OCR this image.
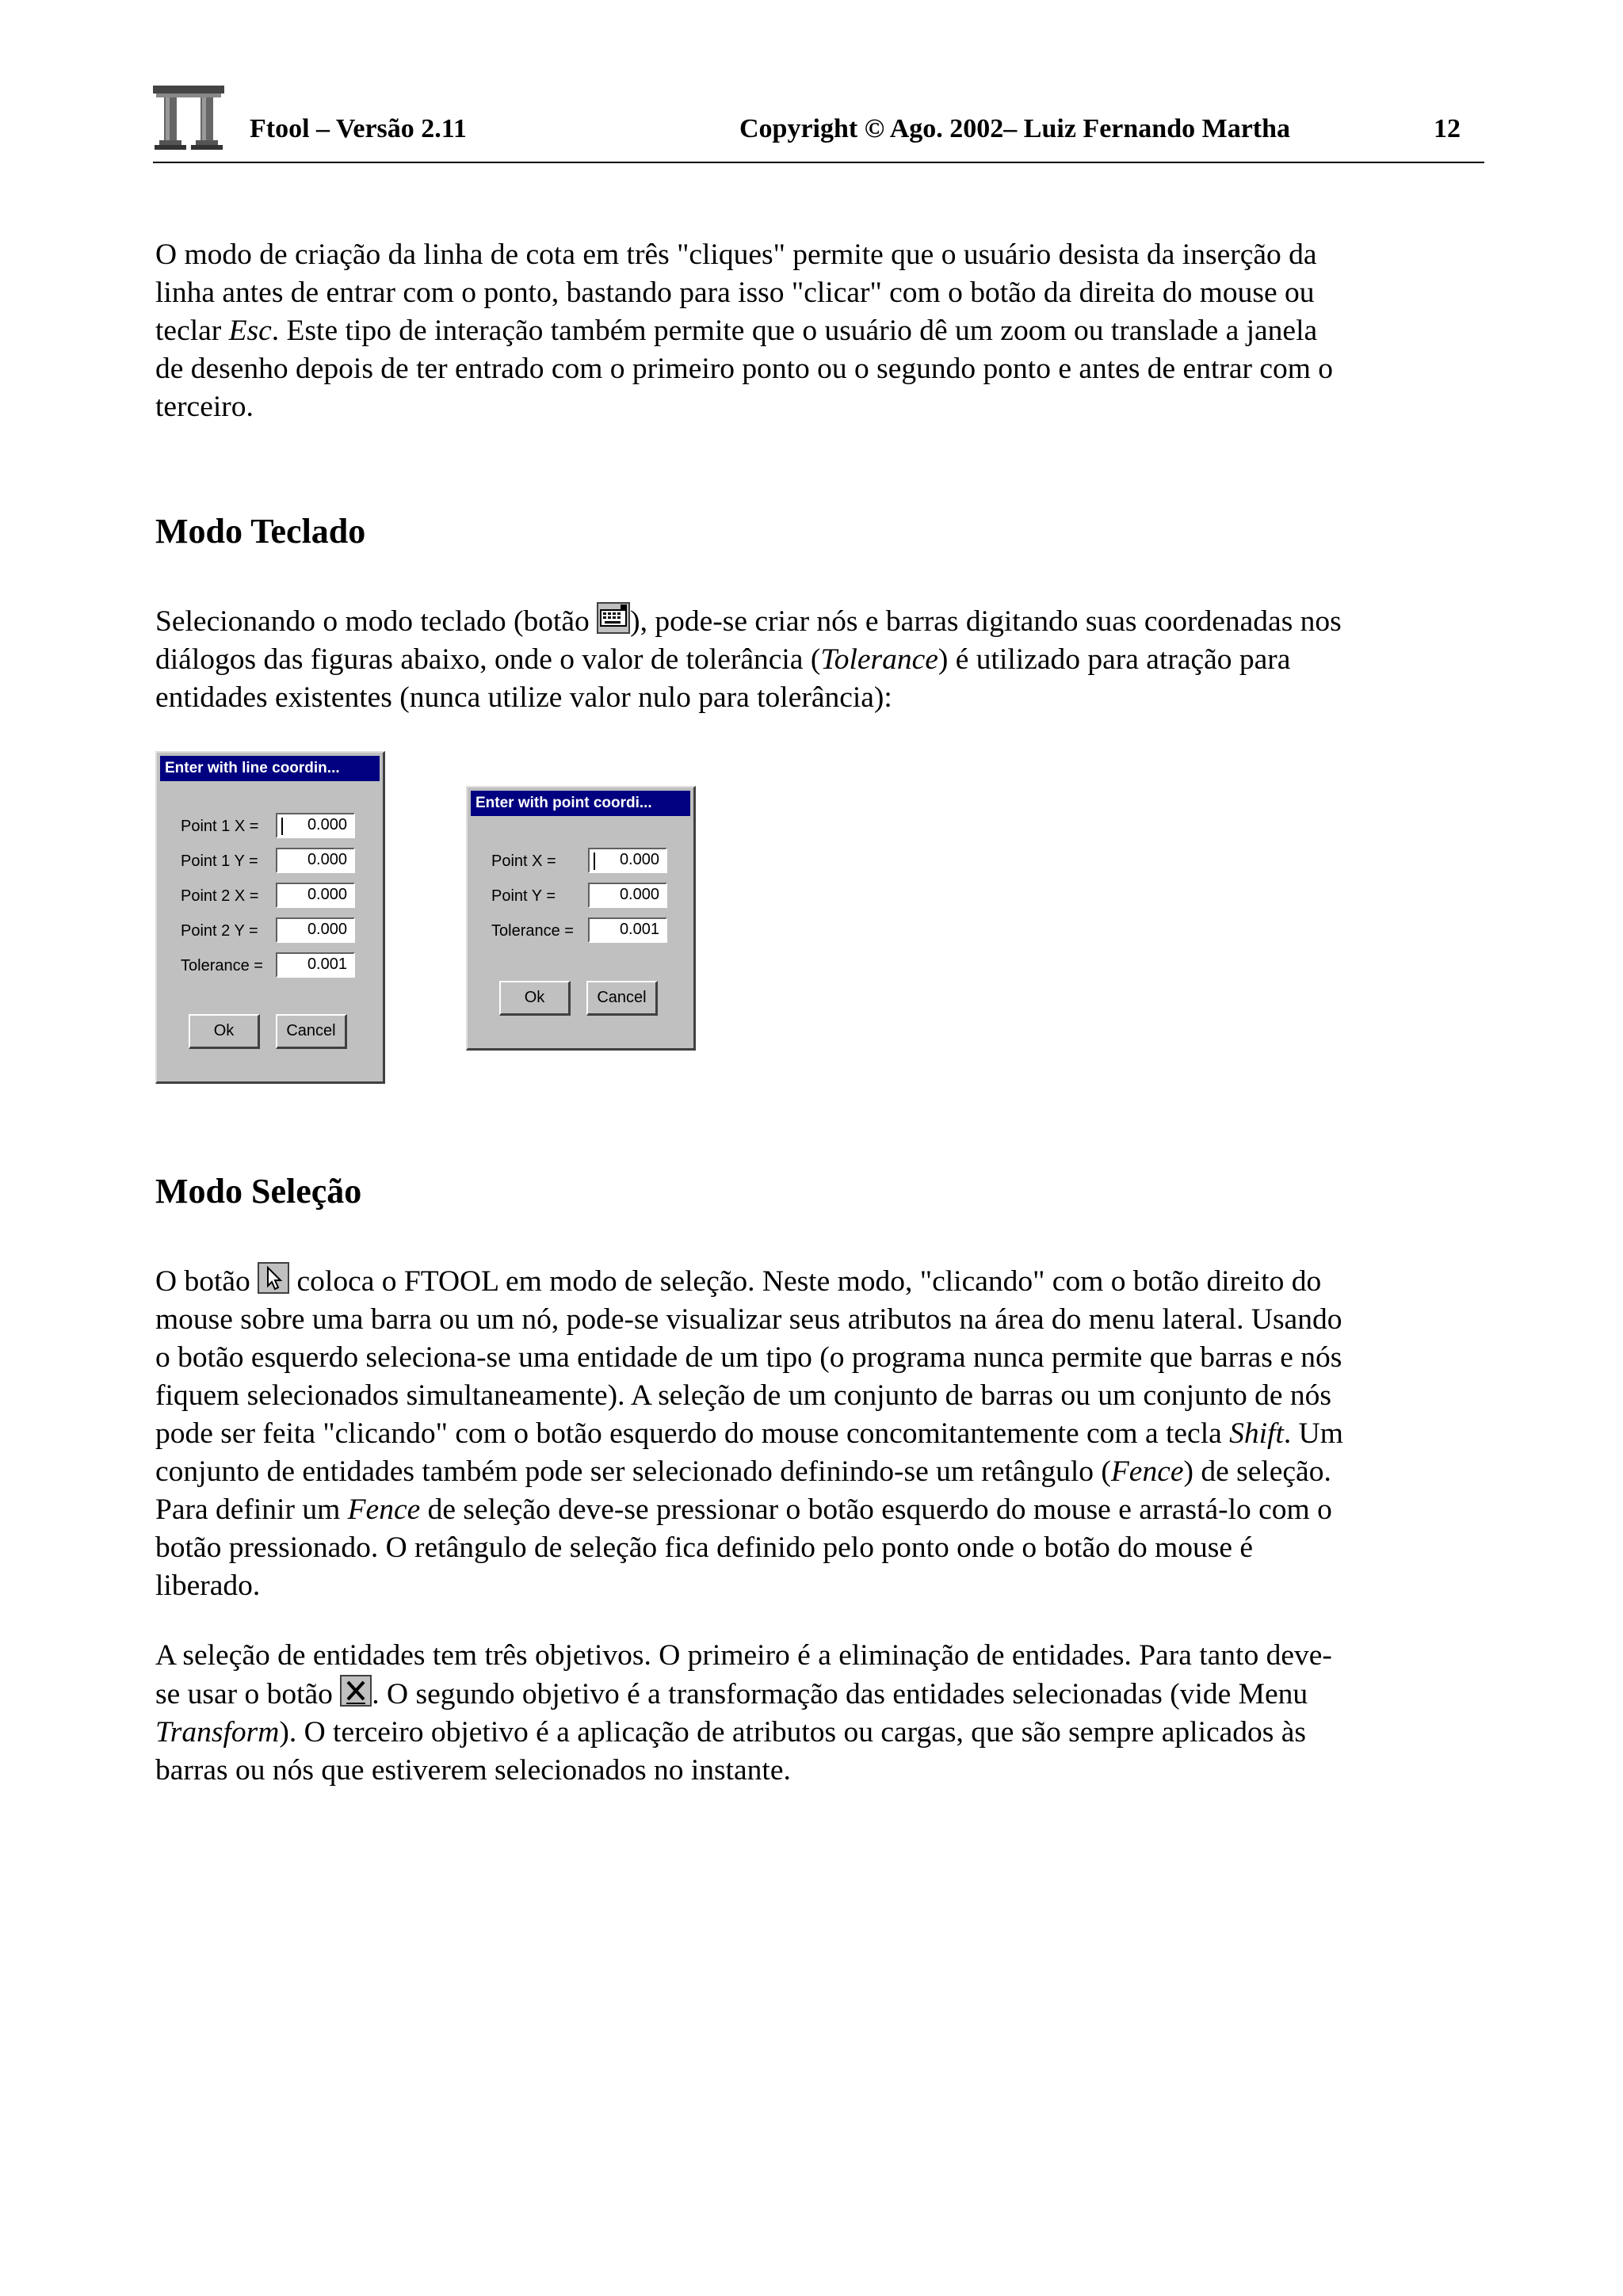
Ftool – Versão 2.11	Copyright © Ago. 2002– Luiz Fernando Martha	12

O modo de criação da linha de cota em três "cliques" permite que o usuário desista da inserção da
linha antes de entrar com o ponto, bastando para isso "clicar" com o botão da direita do mouse ou
teclar Esc. Este tipo de interação também permite que o usuário dê um zoom ou translade a janela
de desenho depois de ter entrado com o primeiro ponto ou o segundo ponto e antes de entrar com o
terceiro.

Modo Teclado

Selecionando o modo teclado (botão ), pode-se criar nós e barras digitando suas coordenadas nos
diálogos das figuras abaixo, onde o valor de tolerância (Tolerance) é utilizado para atração para
entidades existentes (nunca utilize valor nulo para tolerância):

Enter with line coordin...
Point 1 X =	0.000
Point 1 Y =	0.000
Point 2 X =	0.000
Point 2 Y =	0.000
Tolerance =	0.001
Ok	Cancel
Enter with point coordi...
Point X =	0.000
Point Y =	0.000
Tolerance =	0.001
Ok	Cancel
Modo Seleção

O botão  coloca o FTOOL em modo de seleção. Neste modo, "clicando" com o botão direito do
mouse sobre uma barra ou um nó, pode-se visualizar seus atributos na área do menu lateral. Usando
o botão esquerdo seleciona-se uma entidade de um tipo (o programa nunca permite que barras e nós
fiquem selecionados simultaneamente). A seleção de um conjunto de barras ou um conjunto de nós
pode ser feita "clicando" com o botão esquerdo do mouse concomitantemente com a tecla Shift. Um
conjunto de entidades também pode ser selecionado definindo-se um retângulo (Fence) de seleção.
Para definir um Fence de seleção deve-se pressionar o botão esquerdo do mouse e arrastá-lo com o
botão pressionado. O retângulo de seleção fica definido pelo ponto onde o botão do mouse é
liberado.

A seleção de entidades tem três objetivos. O primeiro é a eliminação de entidades. Para tanto deve-
se usar o botão . O segundo objetivo é a transformação das entidades selecionadas (vide Menu
Transform). O terceiro objetivo é a aplicação de atributos ou cargas, que são sempre aplicados às
barras ou nós que estiverem selecionados no instante.
